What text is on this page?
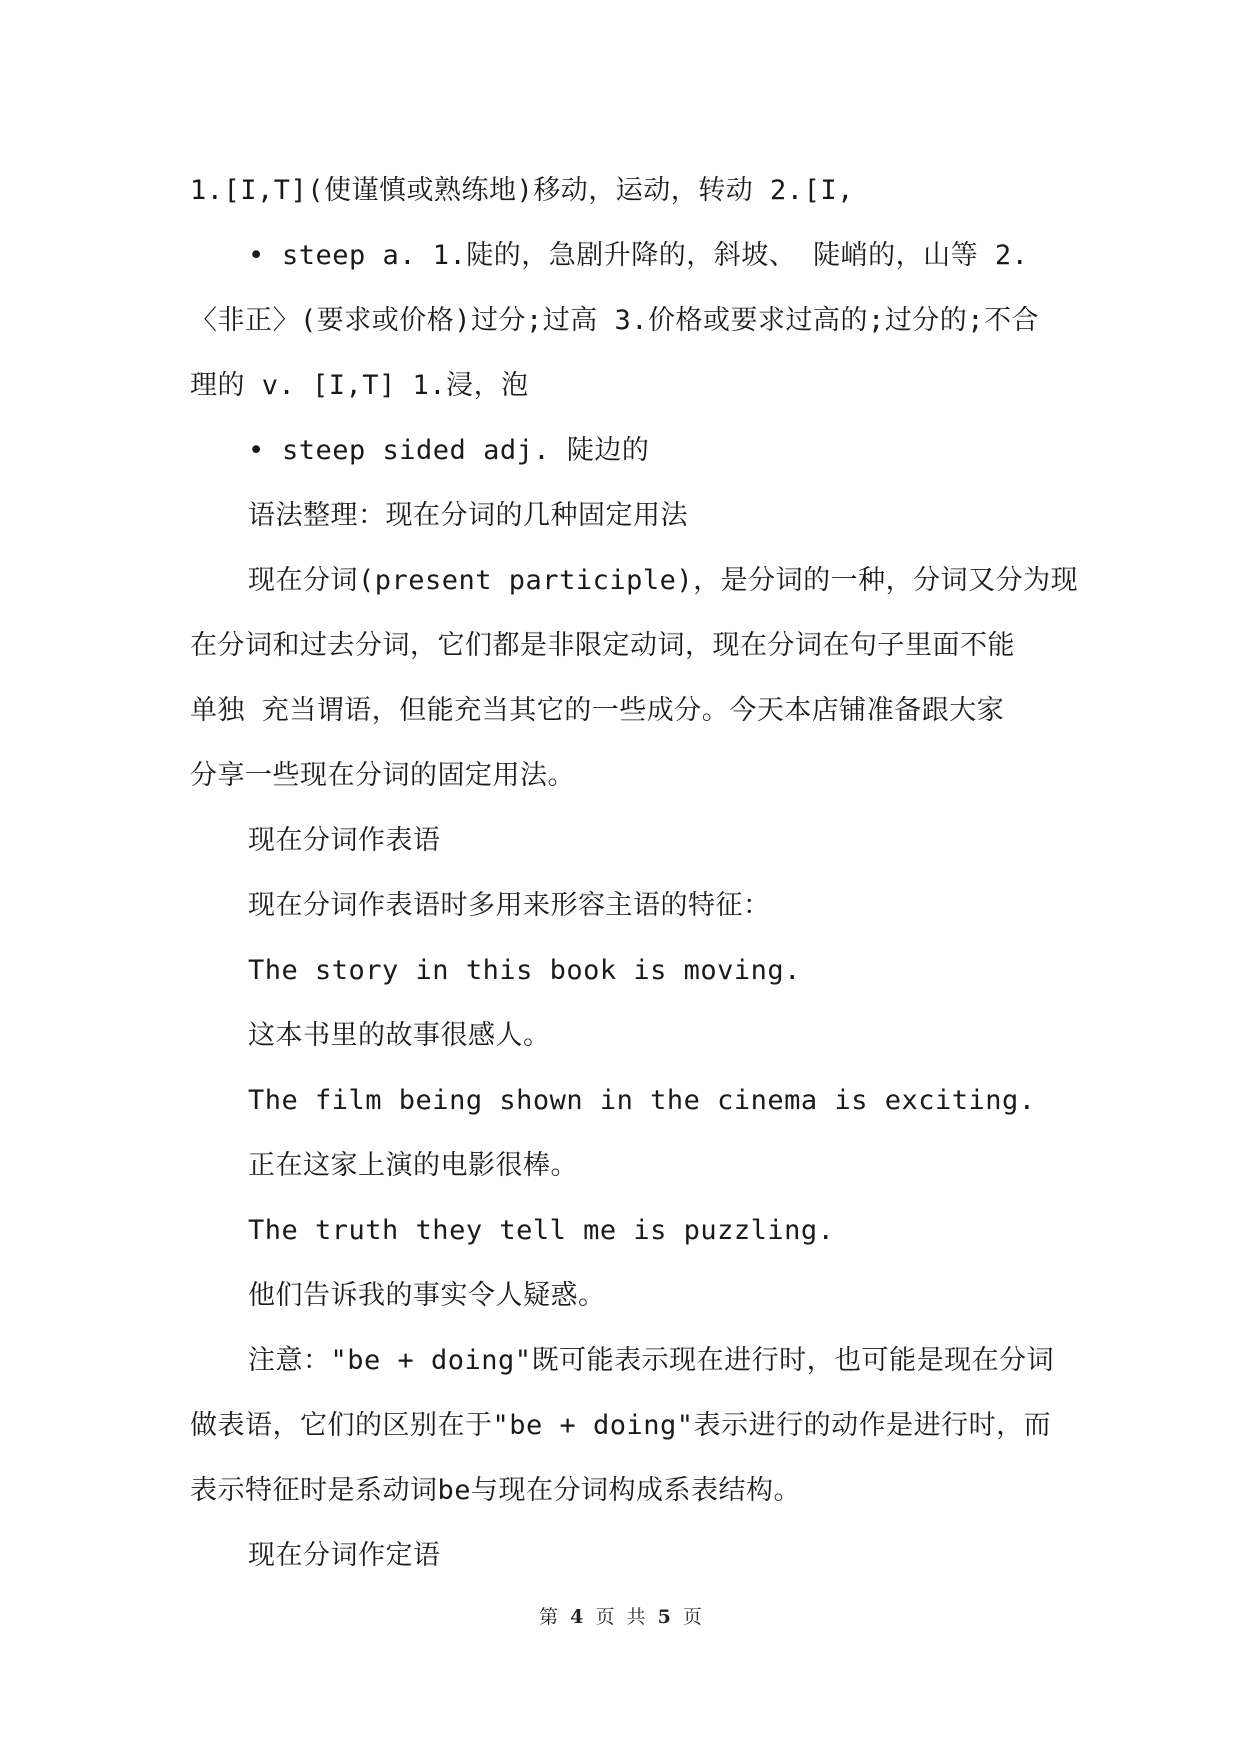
1.[I,T](使谨慎或熟练地)移动，运动，转动 2.[I,
• steep a. 1.陡的，急剧升降的，斜坡、 陡峭的，山等 2.
〈非正〉(要求或价格)过分;过高 3.价格或要求过高的;过分的;不合
理的 v. [I,T] 1.浸，泡
• steep sided adj. 陡边的
语法整理：现在分词的几种固定用法
现在分词(present participle)，是分词的一种，分词又分为现
在分词和过去分词，它们都是非限定动词，现在分词在句子里面不能
单独 充当谓语，但能充当其它的一些成分。今天本店铺准备跟大家
分享一些现在分词的固定用法。
现在分词作表语
现在分词作表语时多用来形容主语的特征：
The story in this book is moving.
这本书里的故事很感人。
The film being shown in the cinema is exciting.
正在这家上演的电影很棒。
The truth they tell me is puzzling.
他们告诉我的事实令人疑惑。
注意："be + doing"既可能表示现在进行时，也可能是现在分词
做表语，它们的区别在于"be + doing"表示进行的动作是进行时，而
表示特征时是系动词be与现在分词构成系表结构。
现在分词作定语
第 4 页 共 5 页
